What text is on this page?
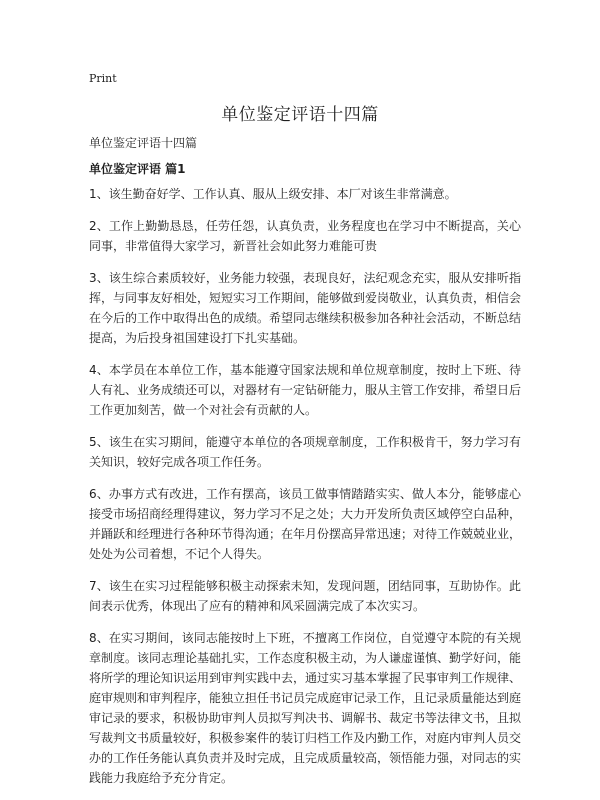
Print
单位鉴定评语十四篇

单位鉴定评语十四篇

单位鉴定评语 篇1

1、该生勤奋好学、工作认真、服从上级安排、本厂对该生非常满意。

2、工作上勤勤恳恳，任劳任怨，认真负责，业务程度也在学习中不断提高，关心同事，非常值得大家学习，新晋社会如此努力难能可贵

3、该生综合素质较好，业务能力较强，表现良好，法纪观念充实，服从安排听指挥，与同事友好相处，短短实习工作期间，能够做到爱岗敬业，认真负责，相信会在今后的工作中取得出色的成绩。希望同志继续积极参加各种社会活动，不断总结提高，为后投身祖国建设打下扎实基础。

4、本学员在本单位工作，基本能遵守国家法规和单位规章制度，按时上下班、待人有礼、业务成绩还可以，对器材有一定钻研能力，服从主管工作安排，希望日后工作更加刻苦，做一个对社会有贡献的人。

5、该生在实习期间，能遵守本单位的各项规章制度，工作积极肯干，努力学习有关知识，较好完成各项工作任务。

6、办事方式有改进，工作有摆高，该员工做事情踏踏实实、做人本分，能够虚心接受市场招商经理得建议，努力学习不足之处；大力开发所负责区域停空白品种，并踊跃和经理进行各种环节得沟通；在年月份摆高异常迅速；对待工作兢兢业业，处处为公司着想，不记个人得失。

7、该生在实习过程能够积极主动探索未知，发现问题，团结同事，互助协作。此间表示优秀，体现出了应有的精神和风采圆满完成了本次实习。

8、在实习期间，该同志能按时上下班，不擅离工作岗位，自觉遵守本院的有关规章制度。该同志理论基础扎实，工作态度积极主动，为人谦虚谨慎、勤学好问，能将所学的理论知识运用到审判实践中去，通过实习基本掌握了民事审判工作规律、庭审规则和审判程序，能独立担任书记员完成庭审记录工作，且记录质量能达到庭审记录的要求，积极协助审判人员拟写判决书、调解书、裁定书等法律文书，且拟写裁判文书质量较好，积极参案件的装订归档工作及内勤工作，对庭内审判人员交办的工作任务能认真负责并及时完成，且完成质量较高，领悟能力强，对同志的实践能力我庭给予充分肯定。
